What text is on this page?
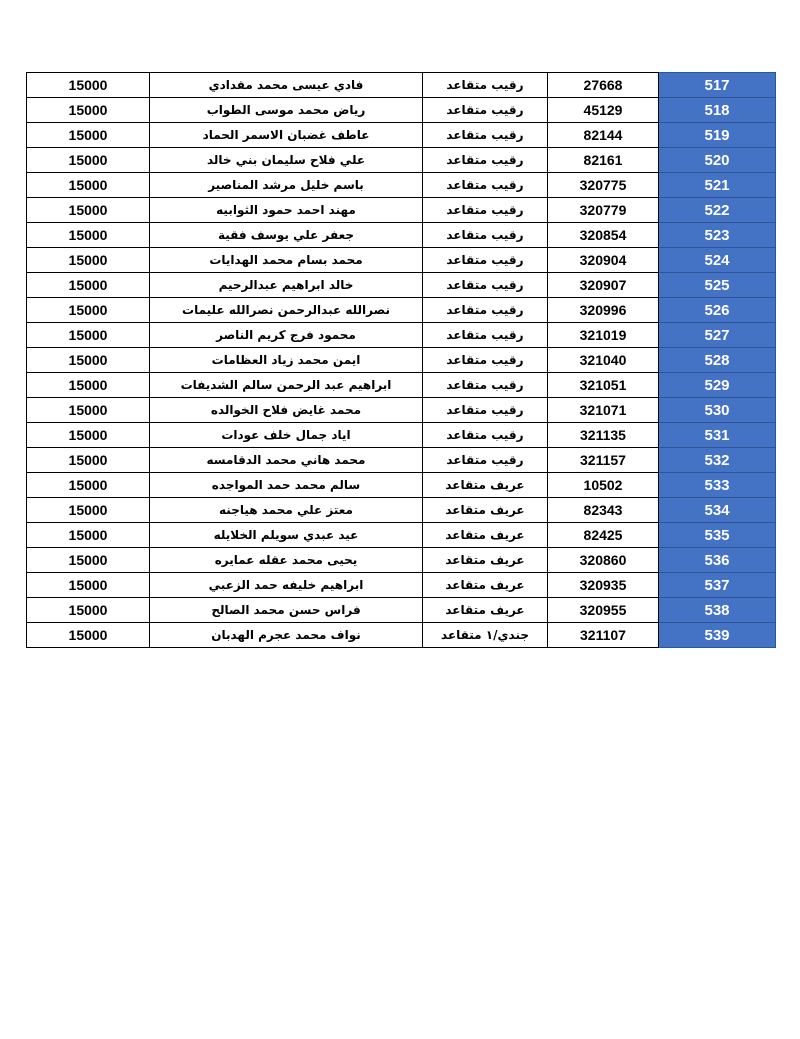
15000	فادي عيسى محمد مقدادي	رقيب متقاعد	27668	517
15000	رياض محمد موسى الطواب	رقيب متقاعد	45129	518
15000	عاطف غضبان الاسمر الحماد	رقيب متقاعد	82144	519
15000	علي فلاح سليمان بني خالد	رقيب متقاعد	82161	520
15000	باسم خليل مرشد المناصير	رقيب متقاعد	320775	521
15000	مهند احمد حمود الثوابيه	رقيب متقاعد	320779	522
15000	جعفر علي يوسف فقية	رقيب متقاعد	320854	523
15000	محمد بسام محمد الهدايات	رقيب متقاعد	320904	524
15000	خالد ابراهيم عبدالرحيم	رقيب متقاعد	320907	525
15000	نصرالله عبدالرحمن نصرالله عليمات	رقيب متقاعد	320996	526
15000	محمود فرج كريم الناصر	رقيب متقاعد	321019	527
15000	ايمن محمد زياد العظامات	رقيب متقاعد	321040	528
15000	ابراهيم عبد الرحمن سالم الشديفات	رقيب متقاعد	321051	529
15000	محمد غايض فلاح الخوالده	رقيب متقاعد	321071	530
15000	اياد جمال خلف عودات	رقيب متقاعد	321135	531
15000	محمد هاني محمد الدقامسه	رقيب متقاعد	321157	532
15000	سالم محمد حمد المواجده	عريف متقاعد	10502	533
15000	معتز علي محمد هياجنه	عريف متقاعد	82343	534
15000	عيد عبدي سويلم الخلايله	عريف متقاعد	82425	535
15000	يحيى محمد عقله عمايره	عريف متقاعد	320860	536
15000	ابراهيم خليفه حمد الزعبي	عريف متقاعد	320935	537
15000	فراس حسن محمد الصالح	عريف متقاعد	320955	538
15000	نواف محمد عجرم الهدبان	جندي/١ متقاعد	321107	539
